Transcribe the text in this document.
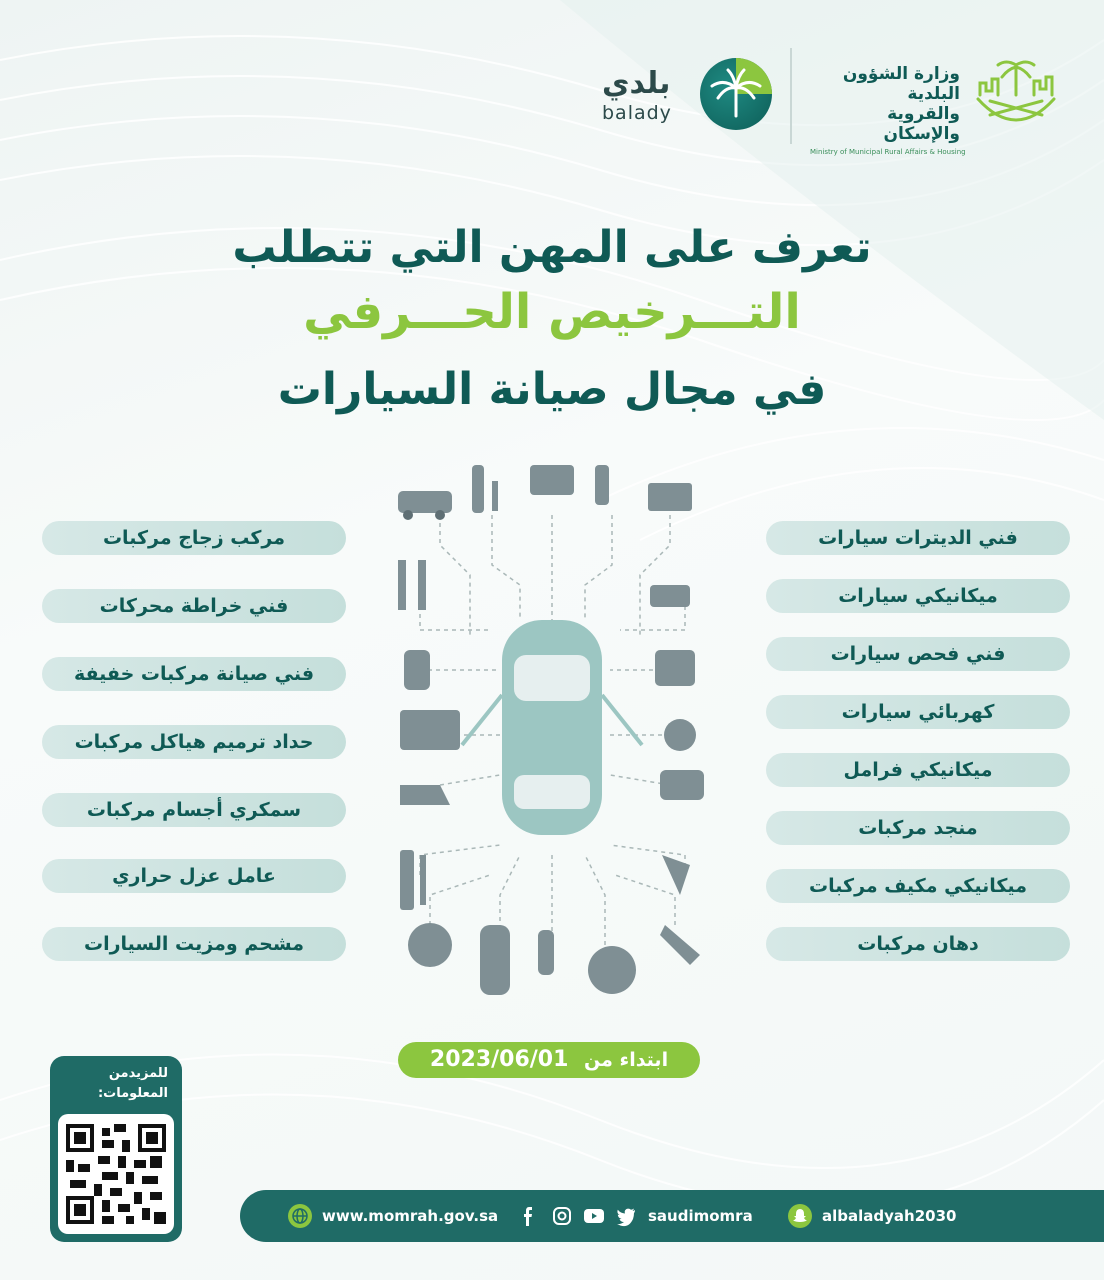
بلدي
balady
وزارة الشؤون البلدية
والقروية والإسكان
Ministry of Municipal Rural Affairs & Housing
تعرف على المهن التي تتطلب
التـــرخيص الحـــرفي
في مجال صيانة السيارات
فني الديترات سيارات
ميكانيكي سيارات
فني فحص سيارات
كهربائي سيارات
ميكانيكي فرامل
منجد مركبات
ميكانيكي مكيف مركبات
دهان مركبات
مركب زجاج مركبات
فني خراطة محركات
فني صيانة مركبات خفيفة
حداد ترميم هياكل مركبات
سمكري أجسام مركبات
عامل عزل حراري
مشحم ومزيت السيارات
ابتداء من 2023/06/01
للمزيدمن
المعلومات:
www.momrah.gov.sa	saudimomra	albaladyah2030
